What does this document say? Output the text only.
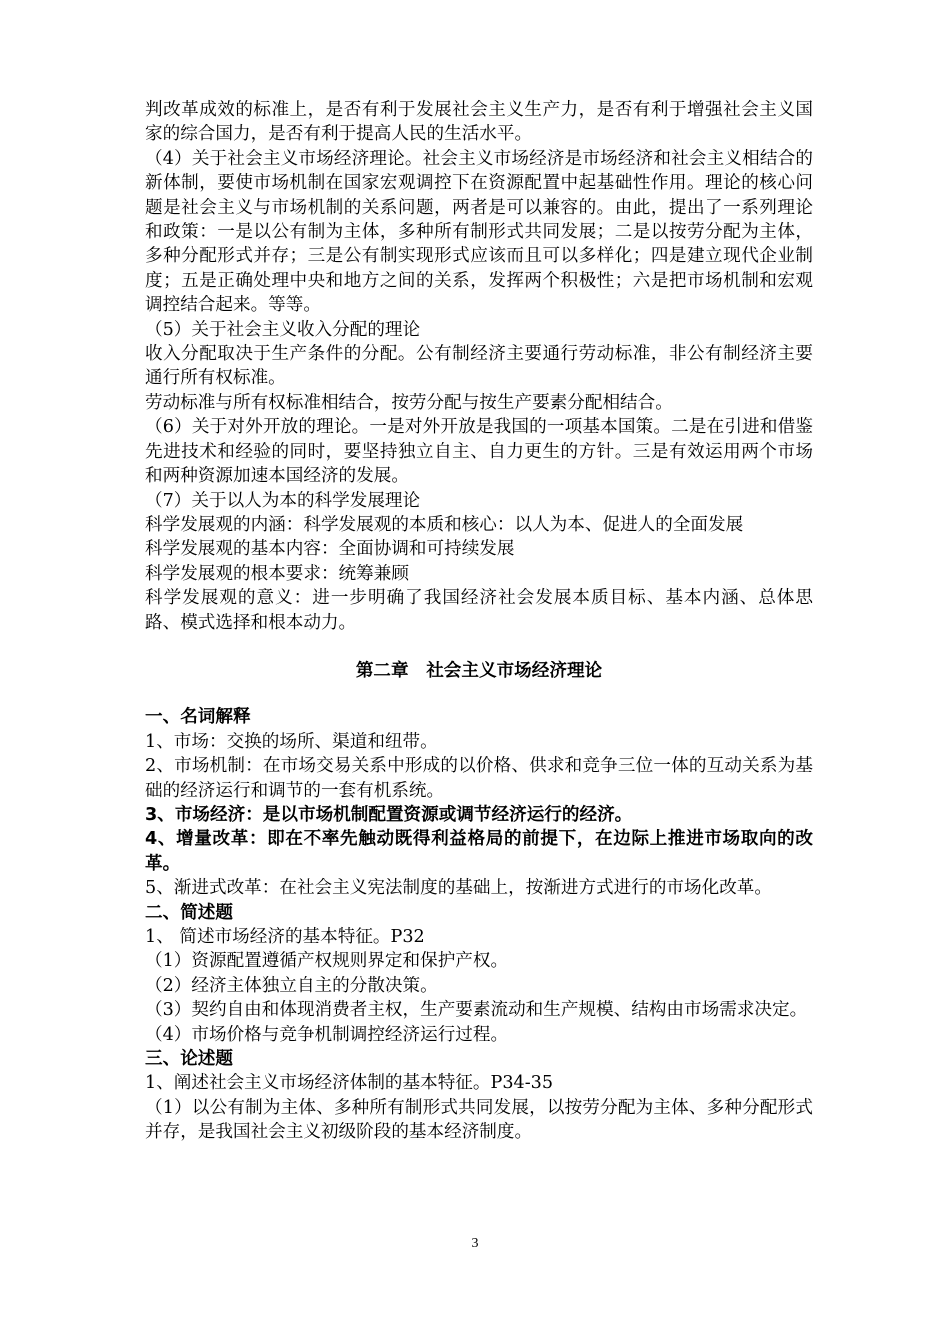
判改革成效的标准上，是否有利于发展社会主义生产力，是否有利于增强社会主义国家的综合国力，是否有利于提高人民的生活水平。

（4）关于社会主义市场经济理论。社会主义市场经济是市场经济和社会主义相结合的新体制，要使市场机制在国家宏观调控下在资源配置中起基础性作用。理论的核心问题是社会主义与市场机制的关系问题，两者是可以兼容的。由此，提出了一系列理论和政策：一是以公有制为主体，多种所有制形式共同发展；二是以按劳分配为主体，多种分配形式并存；三是公有制实现形式应该而且可以多样化；四是建立现代企业制度；五是正确处理中央和地方之间的关系，发挥两个积极性；六是把市场机制和宏观调控结合起来。等等。

（5）关于社会主义收入分配的理论

收入分配取决于生产条件的分配。公有制经济主要通行劳动标准，非公有制经济主要通行所有权标准。

劳动标准与所有权标准相结合，按劳分配与按生产要素分配相结合。

（6）关于对外开放的理论。一是对外开放是我国的一项基本国策。二是在引进和借鉴先进技术和经验的同时，要坚持独立自主、自力更生的方针。三是有效运用两个市场和两种资源加速本国经济的发展。

（7）关于以人为本的科学发展理论

科学发展观的内涵：科学发展观的本质和核心：以人为本、促进人的全面发展

科学发展观的基本内容：全面协调和可持续发展

科学发展观的根本要求：统筹兼顾

科学发展观的意义：进一步明确了我国经济社会发展本质目标、基本内涵、总体思路、模式选择和根本动力。

第二章　社会主义市场经济理论

一、名词解释

1、市场：交换的场所、渠道和纽带。

2、市场机制：在市场交易关系中形成的以价格、供求和竞争三位一体的互动关系为基础的经济运行和调节的一套有机系统。

3、市场经济：是以市场机制配置资源或调节经济运行的经济。

4、增量改革：即在不率先触动既得利益格局的前提下，在边际上推进市场取向的改革。

5、渐进式改革：在社会主义宪法制度的基础上，按渐进方式进行的市场化改革。

二、简述题

1、 简述市场经济的基本特征。P32

（1）资源配置遵循产权规则界定和保护产权。

（2）经济主体独立自主的分散决策。

（3）契约自由和体现消费者主权，生产要素流动和生产规模、结构由市场需求决定。

（4）市场价格与竞争机制调控经济运行过程。

三、论述题

1、阐述社会主义市场经济体制的基本特征。P34-35

（1）以公有制为主体、多种所有制形式共同发展，以按劳分配为主体、多种分配形式并存，是我国社会主义初级阶段的基本经济制度。

3
